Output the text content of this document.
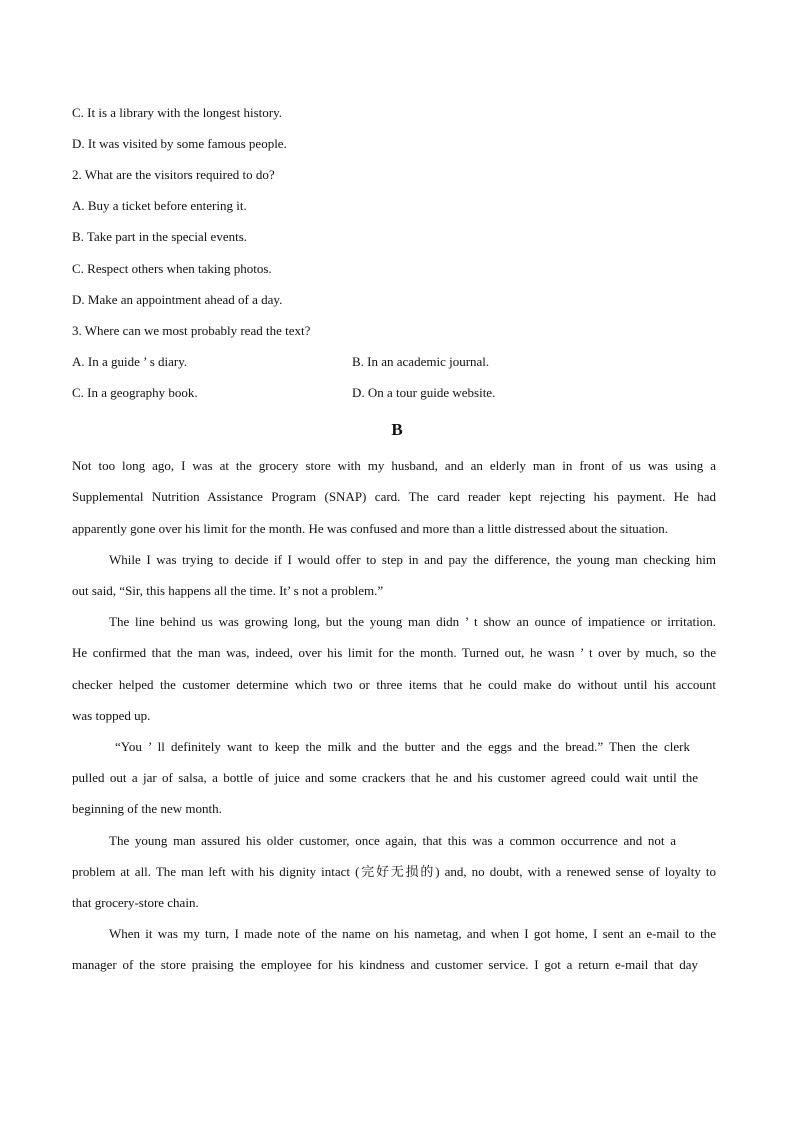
C. It is a library with the longest history.
D. It was visited by some famous people.
2. What are the visitors required to do?
A. Buy a ticket before entering it.
B. Take part in the special events.
C. Respect others when taking photos.
D. Make an appointment ahead of a day.
3. Where can we most probably read the text?
A. In a guide ’ s diary.	B. In an academic journal.
C. In a geography book.	D. On a tour guide website.
B
Not too long ago, I was at the grocery store with my husband, and an elderly man in front of us was using a
Supplemental Nutrition Assistance Program (SNAP) card. The card reader kept rejecting his payment. He had
apparently gone over his limit for the month. He was confused and more than a little distressed about the situation.
While I was trying to decide if I would offer to step in and pay the difference, the young man checking him
out said, “Sir, this happens all the time. It’ s not a problem.”
The line behind us was growing long, but the young man didn ’ t show an ounce of impatience or irritation.
He confirmed that the man was, indeed, over his limit for the month. Turned out, he wasn ’ t over by much, so the
checker helped the customer determine which two or three items that he could make do without until his account
was topped up.
“You ’ ll definitely want to keep the milk and the butter and the eggs and the bread.” Then the clerk
pulled out a jar of salsa, a bottle of juice and some crackers that he and his customer agreed could wait until the
beginning of the new month.
The young man assured his older customer, once again, that this was a common occurrence and not a
problem at all. The man left with his dignity intact (完好无损的) and, no doubt, with a renewed sense of loyalty to
that grocery-store chain.
When it was my turn, I made note of the name on his nametag, and when I got home, I sent an e-mail to the
manager of the store praising the employee for his kindness and customer service. I got a return e-mail that day
